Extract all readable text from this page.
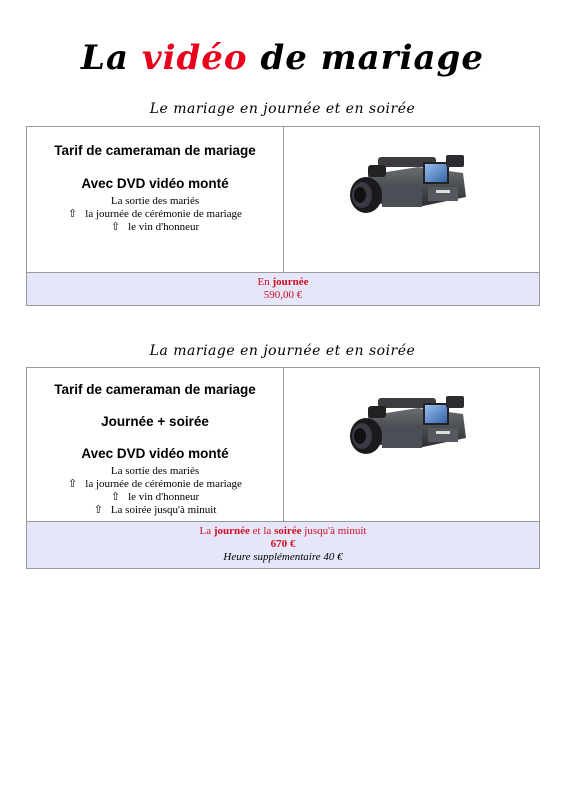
La vidéo de mariage
Le mariage en journée et en soirée
Tarif de cameraman de mariage
Avec DVD vidéo monté
La sortie des mariés
⇧ la journée de cérémonie de mariage
⇧ le vin d'honneur
En journée
590,00 €
La mariage en journée et en soirée
Tarif de cameraman de mariage
Journée + soirée
Avec DVD vidéo monté
La sortie des mariés
⇧ la journée de cérémonie de mariage
⇧ le vin d'honneur
⇧ La soirée jusqu'à minuit
La journée et la soirée jusqu'à minuit
670 €
Heure supplémentaire 40 €
